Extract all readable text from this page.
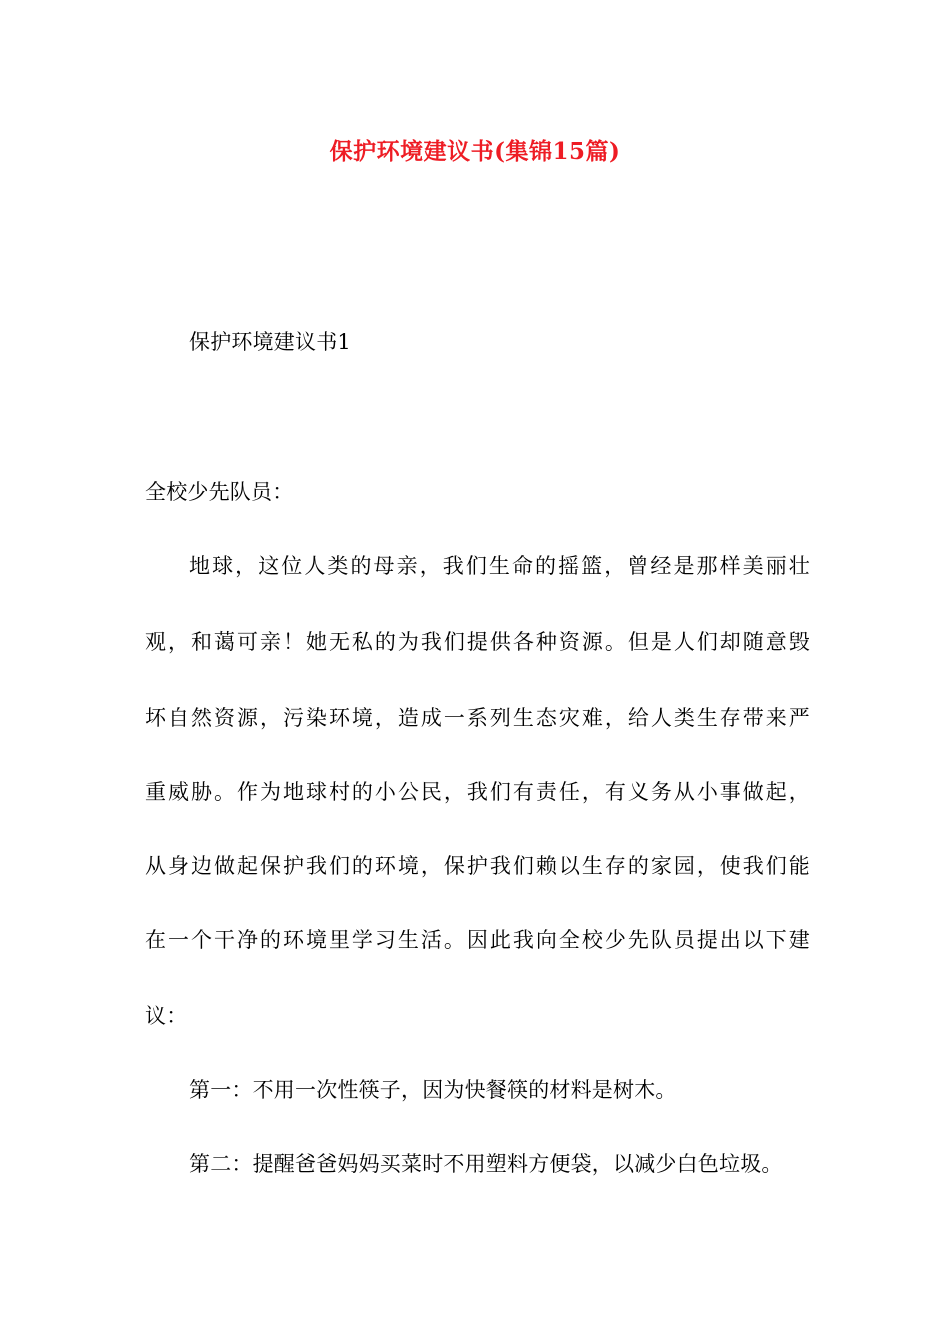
保护环境建议书(集锦15篇)
保护环境建议书1
全校少先队员：
地球，这位人类的母亲，我们生命的摇篮，曾经是那样美丽壮
观，和蔼可亲！她无私的为我们提供各种资源。但是人们却随意毁
坏自然资源，污染环境，造成一系列生态灾难，给人类生存带来严
重威胁。作为地球村的小公民，我们有责任，有义务从小事做起，
从身边做起保护我们的环境，保护我们赖以生存的家园，使我们能
在一个干净的环境里学习生活。因此我向全校少先队员提出以下建
议：
第一：不用一次性筷子，因为快餐筷的材料是树木。
第二：提醒爸爸妈妈买菜时不用塑料方便袋，以减少白色垃圾。
